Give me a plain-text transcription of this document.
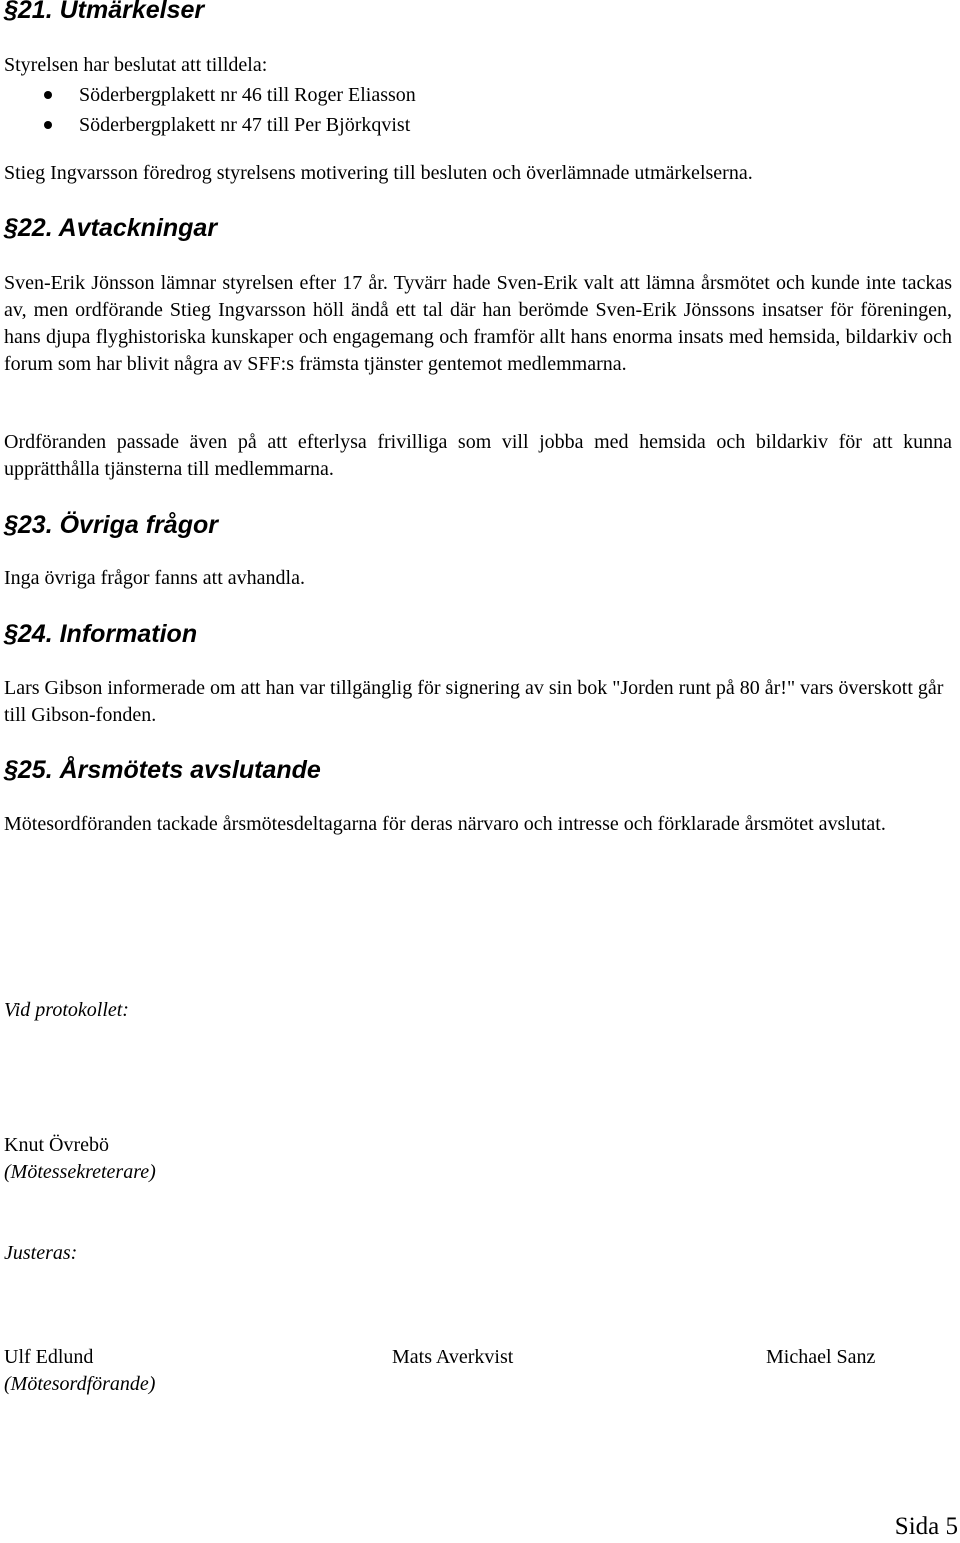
§21. Utmärkelser

Styrelsen har beslutat att tilldela:

Söderbergplakett nr 46 till Roger Eliasson
Söderbergplakett nr 47 till Per Björkqvist

Stieg Ingvarsson föredrog styrelsens motivering till besluten och överlämnade utmärkelserna.

§22. Avtackningar

Sven-Erik Jönsson lämnar styrelsen efter 17 år. Tyvärr hade Sven-Erik valt att lämna årsmötet och kunde inte tackas av, men ordförande Stieg Ingvarsson höll ändå ett tal där han berömde Sven-Erik Jönssons insatser för föreningen, hans djupa flyghistoriska kunskaper och engagemang och framför allt hans enorma insats med hemsida, bildarkiv och forum som har blivit några av SFF:s främsta tjänster gentemot medlemmarna.

Ordföranden passade även på att efterlysa frivilliga som vill jobba med hemsida och bildarkiv för att kunna upprätthålla tjänsterna till medlemmarna.

§23. Övriga frågor

Inga övriga frågor fanns att avhandla.

§24. Information

Lars Gibson informerade om att han var tillgänglig för signering av sin bok "Jorden runt på 80 år!" vars överskott går till Gibson-fonden.

§25. Årsmötets avslutande

Mötesordföranden tackade årsmötesdeltagarna för deras närvaro och intresse och förklarade årsmötet avslutat.

Vid protokollet:

Knut Övrebö

(Mötessekreterare)

Justeras:

Ulf Edlund

(Mötesordförande)

Mats Averkvist	Michael Sanz

Sida 5
